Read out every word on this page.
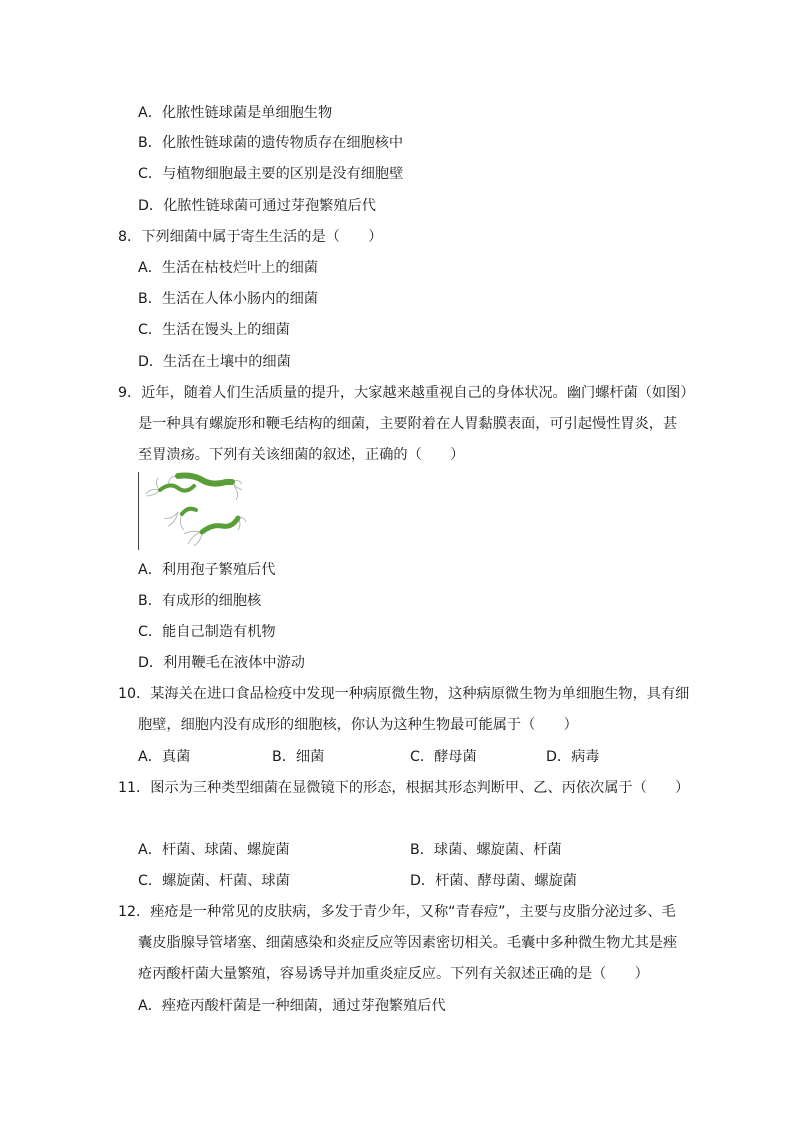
A．化脓性链球菌是单细胞生物
B．化脓性链球菌的遗传物质存在细胞核中
C．与植物细胞最主要的区别是没有细胞壁
D．化脓性链球菌可通过芽孢繁殖后代
8．下列细菌中属于寄生生活的是（　　）
A．生活在枯枝烂叶上的细菌
B．生活在人体小肠内的细菌
C．生活在馒头上的细菌
D．生活在土壤中的细菌
9．近年，随着人们生活质量的提升，大家越来越重视自己的身体状况。幽门螺杆菌（如图）
是一种具有螺旋形和鞭毛结构的细菌，主要附着在人胃黏膜表面，可引起慢性胃炎，甚
至胃溃疡。下列有关该细菌的叙述，正确的（　　）
A．利用孢子繁殖后代
B．有成形的细胞核
C．能自己制造有机物
D．利用鞭毛在液体中游动
10．某海关在进口食品检疫中发现一种病原微生物，这种病原微生物为单细胞生物，具有细
胞壁，细胞内没有成形的细胞核，你认为这种生物最可能属于（　　）
A．真菌	B．细菌	C．酵母菌	D．病毒
11．图示为三种类型细菌在显微镜下的形态，根据其形态判断甲、乙、丙依次属于（　　）
A．杆菌、球菌、螺旋菌	B．球菌、螺旋菌、杆菌
C．螺旋菌、杆菌、球菌	D．杆菌、酵母菌、螺旋菌
12．痤疮是一种常见的皮肤病，多发于青少年，又称“青春痘”，主要与皮脂分泌过多、毛
囊皮脂腺导管堵塞、细菌感染和炎症反应等因素密切相关。毛囊中多种微生物尤其是痤
疮丙酸杆菌大量繁殖，容易诱导并加重炎症反应。下列有关叙述正确的是（　　）
A．痤疮丙酸杆菌是一种细菌，通过芽孢繁殖后代
